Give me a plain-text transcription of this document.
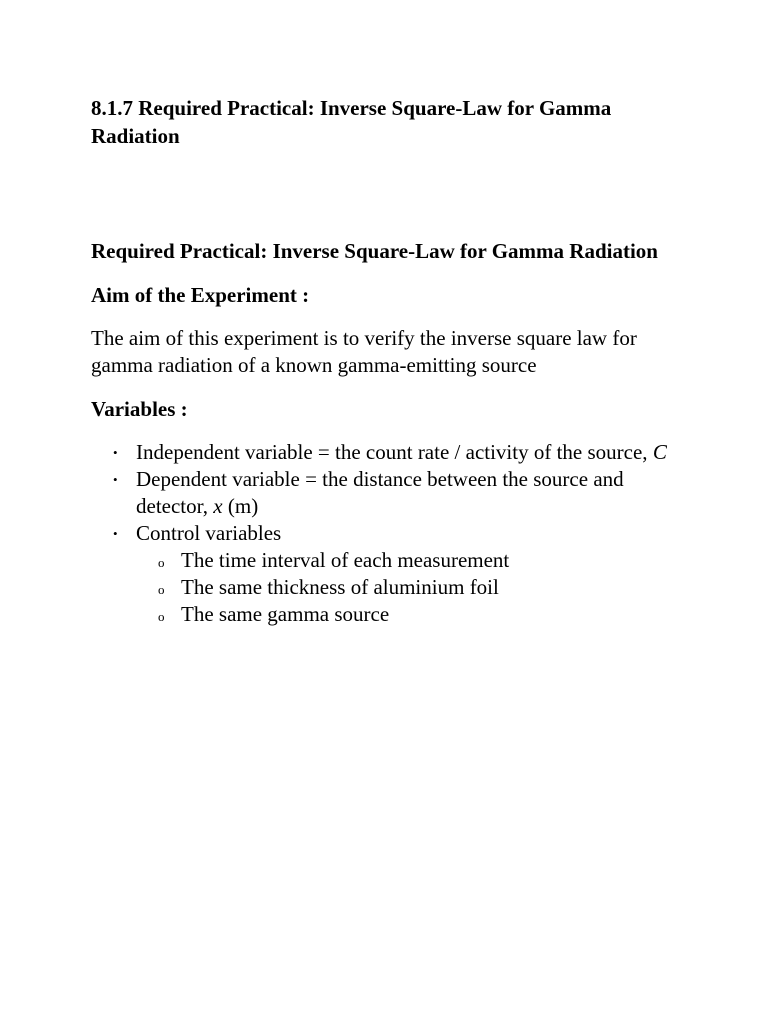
8.1.7 Required Practical: Inverse Square-Law for Gamma Radiation
Required Practical: Inverse Square-Law for Gamma Radiation
Aim of the Experiment :

The aim of this experiment is to verify the inverse square law for gamma radiation of a known gamma-emitting source

Variables :
• Independent variable = the count rate / activity of the source, C
• Dependent variable = the distance between the source and detector, x (m)
• Control variables
o The time interval of each measurement
o The same thickness of aluminium foil
o The same gamma source
